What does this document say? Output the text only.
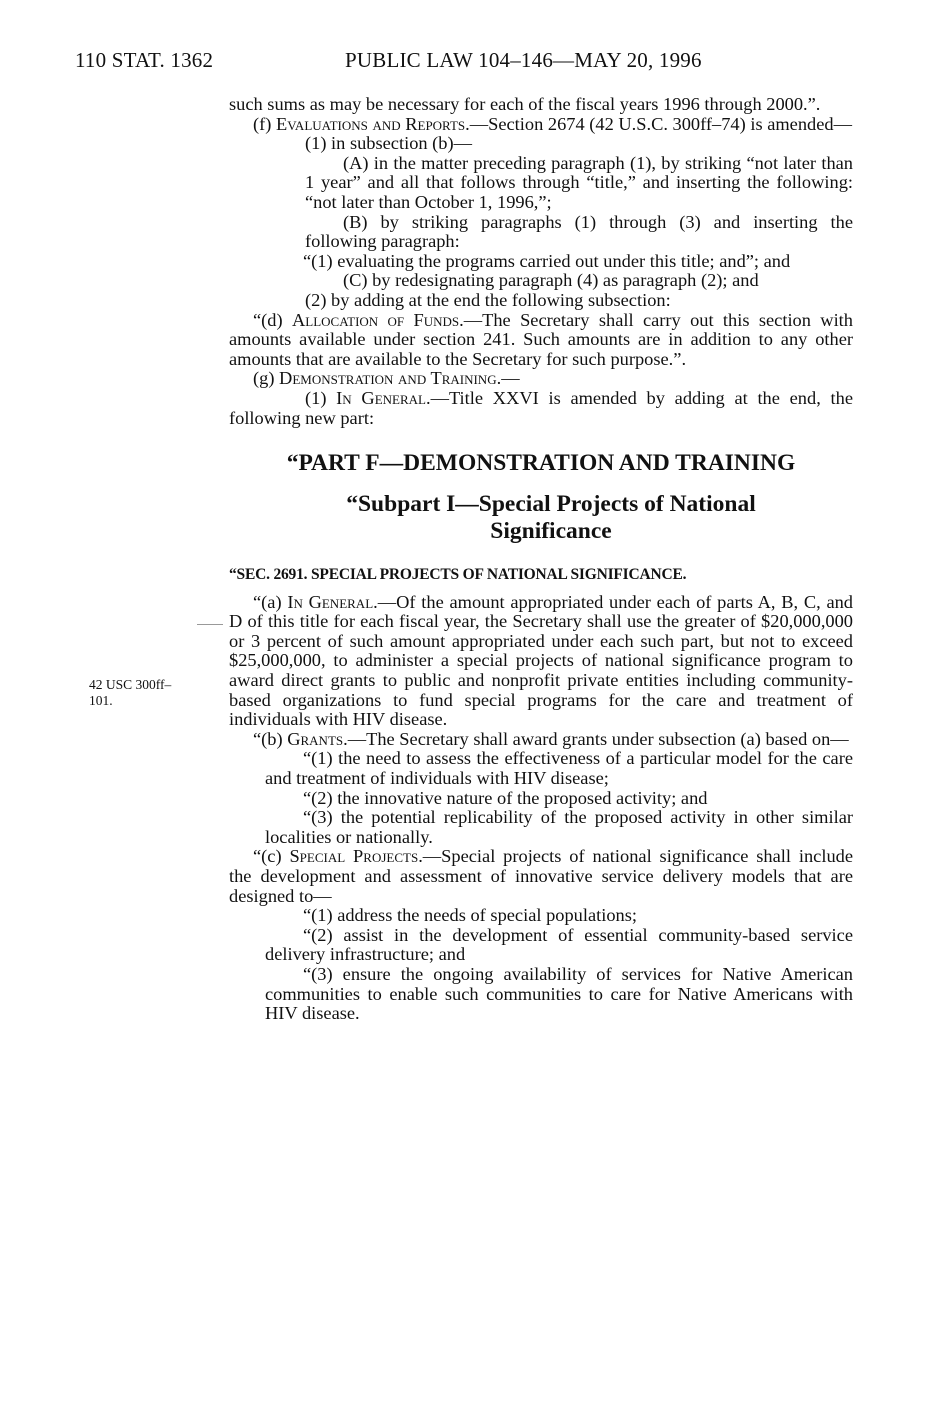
110 STAT. 1362	PUBLIC LAW 104–146—MAY 20, 1996
42 USC 300ff–
101.

such sums as may be necessary for each of the fiscal years 1996 through 2000.”.

(f) Evaluations and Reports.—Section 2674 (42 U.S.C. 300ff–74) is amended—

(1) in subsection (b)—

(A) in the matter preceding paragraph (1), by striking “not later than 1 year” and all that follows through “title,” and inserting the following: “not later than October 1, 1996,”;

(B) by striking paragraphs (1) through (3) and inserting the following paragraph:

“(1) evaluating the programs carried out under this title; and”; and

(C) by redesignating paragraph (4) as paragraph (2); and

(2) by adding at the end the following subsection:

“(d) Allocation of Funds.—The Secretary shall carry out this section with amounts available under section 241. Such amounts are in addition to any other amounts that are available to the Secretary for such purpose.”.

(g) Demonstration and Training.—

(1) In General.—Title XXVI is amended by adding at the end, the following new part:

“PART F—DEMONSTRATION AND TRAINING
“Subpart I—Special Projects of National
Significance
“SEC. 2691. SPECIAL PROJECTS OF NATIONAL SIGNIFICANCE.

“(a) In General.—Of the amount appropriated under each of parts A, B, C, and D of this title for each fiscal year, the Secretary shall use the greater of $20,000,000 or 3 percent of such amount appropriated under each such part, but not to exceed $25,000,000, to administer a special projects of national significance program to award direct grants to public and nonprofit private entities including community-based organizations to fund special programs for the care and treatment of individuals with HIV disease.

“(b) Grants.—The Secretary shall award grants under subsection (a) based on—

“(1) the need to assess the effectiveness of a particular model for the care and treatment of individuals with HIV disease;

“(2) the innovative nature of the proposed activity; and

“(3) the potential replicability of the proposed activity in other similar localities or nationally.

“(c) Special Projects.—Special projects of national significance shall include the development and assessment of innovative service delivery models that are designed to—

“(1) address the needs of special populations;

“(2) assist in the development of essential community-based service delivery infrastructure; and

“(3) ensure the ongoing availability of services for Native American communities to enable such communities to care for Native Americans with HIV disease.
